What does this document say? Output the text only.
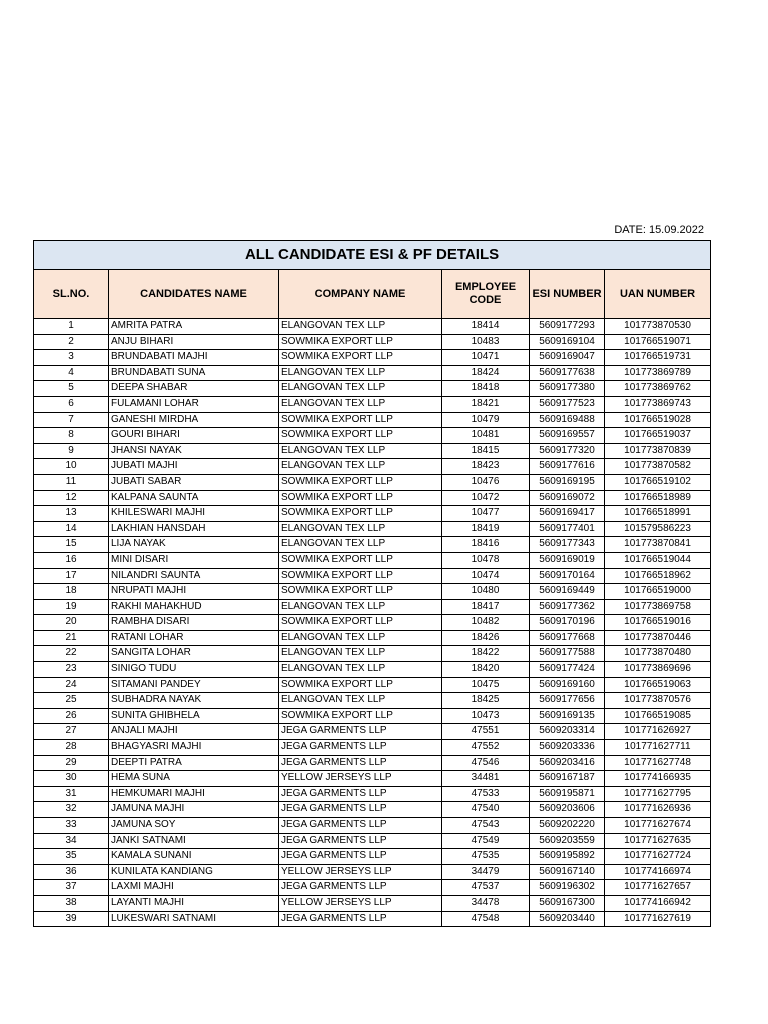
DATE: 15.09.2022
ALL CANDIDATE ESI & PF DETAILS					
SL.NO.	CANDIDATES NAME	COMPANY NAME	EMPLOYEE CODE	ESI NUMBER	UAN NUMBER
1	AMRITA PATRA	ELANGOVAN TEX LLP	18414	5609177293	101773870530
2	ANJU BIHARI	SOWMIKA EXPORT LLP	10483	5609169104	101766519071
3	BRUNDABATI MAJHI	SOWMIKA EXPORT LLP	10471	5609169047	101766519731
4	BRUNDABATI SUNA	ELANGOVAN TEX LLP	18424	5609177638	101773869789
5	DEEPA SHABAR	ELANGOVAN TEX LLP	18418	5609177380	101773869762
6	FULAMANI LOHAR	ELANGOVAN TEX LLP	18421	5609177523	101773869743
7	GANESHI MIRDHA	SOWMIKA EXPORT LLP	10479	5609169488	101766519028
8	GOURI BIHARI	SOWMIKA EXPORT LLP	10481	5609169557	101766519037
9	JHANSI NAYAK	ELANGOVAN TEX LLP	18415	5609177320	101773870839
10	JUBATI MAJHI	ELANGOVAN TEX LLP	18423	5609177616	101773870582
11	JUBATI SABAR	SOWMIKA EXPORT LLP	10476	5609169195	101766519102
12	KALPANA SAUNTA	SOWMIKA EXPORT LLP	10472	5609169072	101766518989
13	KHILESWARI MAJHI	SOWMIKA EXPORT LLP	10477	5609169417	101766518991
14	LAKHIAN HANSDAH	ELANGOVAN TEX LLP	18419	5609177401	101579586223
15	LIJA NAYAK	ELANGOVAN TEX LLP	18416	5609177343	101773870841
16	MINI DISARI	SOWMIKA EXPORT LLP	10478	5609169019	101766519044
17	NILANDRI SAUNTA	SOWMIKA EXPORT LLP	10474	5609170164	101766518962
18	NRUPATI MAJHI	SOWMIKA EXPORT LLP	10480	5609169449	101766519000
19	RAKHI MAHAKHUD	ELANGOVAN TEX LLP	18417	5609177362	101773869758
20	RAMBHA DISARI	SOWMIKA EXPORT LLP	10482	5609170196	101766519016
21	RATANI LOHAR	ELANGOVAN TEX LLP	18426	5609177668	101773870446
22	SANGITA LOHAR	ELANGOVAN TEX LLP	18422	5609177588	101773870480
23	SINIGO TUDU	ELANGOVAN TEX LLP	18420	5609177424	101773869696
24	SITAMANI PANDEY	SOWMIKA EXPORT LLP	10475	5609169160	101766519063
25	SUBHADRA NAYAK	ELANGOVAN TEX LLP	18425	5609177656	101773870576
26	SUNITA GHIBHELA	SOWMIKA EXPORT LLP	10473	5609169135	101766519085
27	ANJALI MAJHI	JEGA GARMENTS LLP	47551	5609203314	101771626927
28	BHAGYASRI MAJHI	JEGA GARMENTS LLP	47552	5609203336	101771627711
29	DEEPTI PATRA	JEGA GARMENTS LLP	47546	5609203416	101771627748
30	HEMA SUNA	YELLOW JERSEYS LLP	34481	5609167187	101774166935
31	HEMKUMARI MAJHI	JEGA GARMENTS LLP	47533	5609195871	101771627795
32	JAMUNA MAJHI	JEGA GARMENTS LLP	47540	5609203606	101771626936
33	JAMUNA SOY	JEGA GARMENTS LLP	47543	5609202220	101771627674
34	JANKI SATNAMI	JEGA GARMENTS LLP	47549	5609203559	101771627635
35	KAMALA SUNANI	JEGA GARMENTS LLP	47535	5609195892	101771627724
36	KUNILATA KANDIANG	YELLOW JERSEYS LLP	34479	5609167140	101774166974
37	LAXMI MAJHI	JEGA GARMENTS LLP	47537	5609196302	101771627657
38	LAYANTI MAJHI	YELLOW JERSEYS LLP	34478	5609167300	101774166942
39	LUKESWARI SATNAMI	JEGA GARMENTS LLP	47548	5609203440	101771627619
